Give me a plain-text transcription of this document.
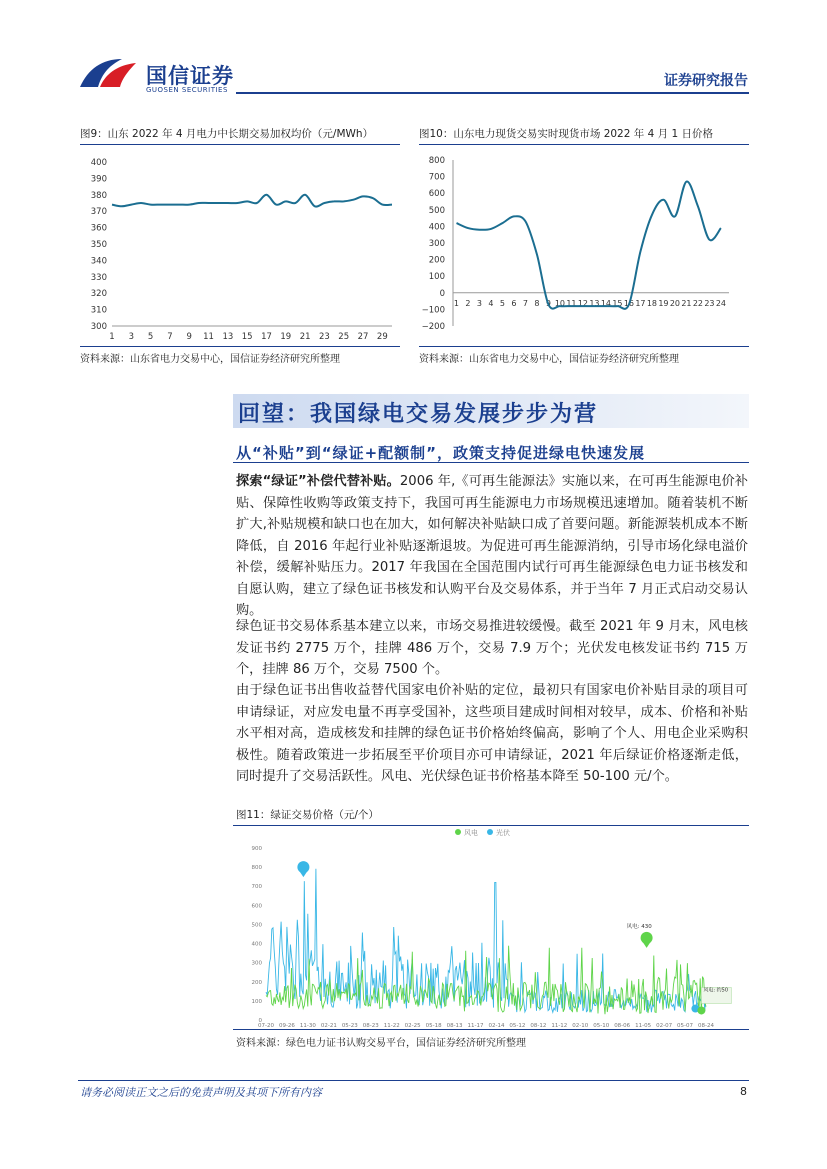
国信证券
GUOSEN SECURITIES
证券研究报告
图9：山东 2022 年 4 月电力中长期交易加权均价（元/MWh）
400
390
380
370
360
350
340
330
320
310
300
1 3 5 7 9 11 13 15 17 19 21 23 25 27 29
资料来源：山东省电力交易中心，国信证券经济研究所整理
图10：山东电力现货交易实时现货市场 2022 年 4 月 1 日价格
800
700
600
500
400
300
200
100
0
−100
−200
1 2 3 4 5 6 7 8 9 10 11 12 13 14 15 16 17 18 19 20 21 22 23 24
资料来源：山东省电力交易中心，国信证券经济研究所整理
回望：我国绿电交易发展步步为营
从“补贴”到“绿证+配额制”，政策支持促进绿电快速发展
探索“绿证”补偿代替补贴。2006 年,《可再生能源法》实施以来，在可再生能源电价补贴、保障性收购等政策支持下，我国可再生能源电力市场规模迅速增加。随着装机不断扩大,补贴规模和缺口也在加大，如何解决补贴缺口成了首要问题。新能源装机成本不断降低，自 2016 年起行业补贴逐渐退坡。为促进可再生能源消纳，引导市场化绿电溢价补偿，缓解补贴压力。2017 年我国在全国范围内试行可再生能源绿色电力证书核发和自愿认购，建立了绿色证书核发和认购平台及交易体系，并于当年 7 月正式启动交易认购。
绿色证书交易体系基本建立以来，市场交易推进较缓慢。截至 2021 年 9 月末，风电核发证书约 2775 万个，挂牌 486 万个，交易 7.9 万个；光伏发电核发证书约 715 万个，挂牌 86 万个，交易 7500 个。
由于绿色证书出售收益替代国家电价补贴的定位，最初只有国家电价补贴目录的项目可申请绿证，对应发电量不再享受国补，这些项目建成时间相对较早，成本、价格和补贴水平相对高，造成核发和挂牌的绿色证书价格始终偏高，影响了个人、用电企业采购积极性。随着政策进一步拓展至平价项目亦可申请绿证，2021 年后绿证价格逐渐走低，同时提升了交易活跃性。风电、光伏绿色证书价格基本降至 50-100 元/个。
图11：绿证交易价格（元/个）
风电	光伏
900
800
700
600
500
400
300
200
100
0
07-20 09-26 11-30 02-21 05-23 08-23 11-22 02-25 05-18 08-13 11-17 02-14 05-12 08-12 11-12 02-10 05-10 08-06 11-05 02-07 05-07 08-24
风电: 430
风电: 约50
资料来源：绿色电力证书认购交易平台，国信证券经济研究所整理
请务必阅读正文之后的免责声明及其项下所有内容	8
